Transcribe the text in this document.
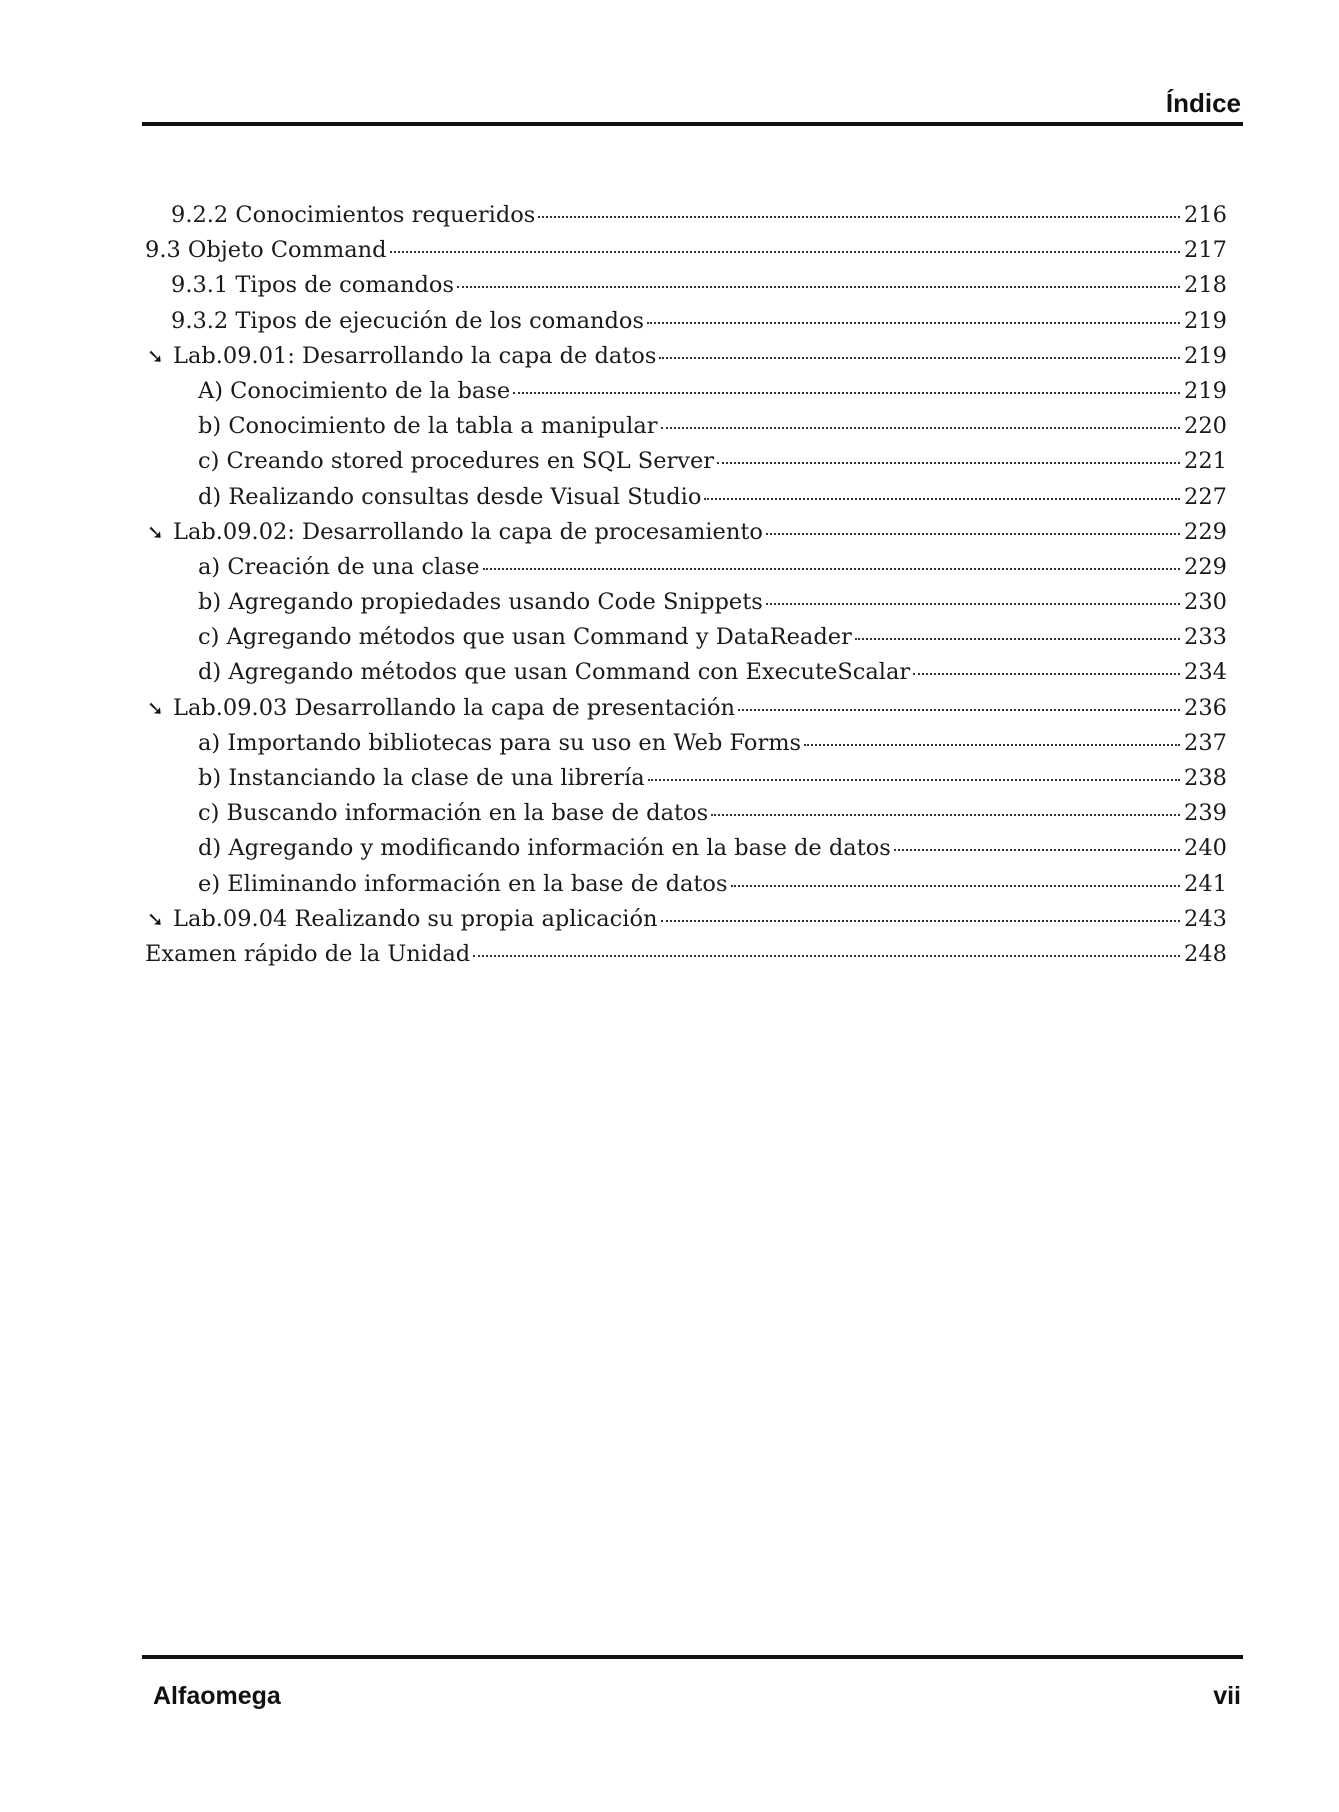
Índice
9.2.2 Conocimientos requeridos	216
9.3 Objeto Command	217
9.3.1 Tipos de comandos	218
9.3.2 Tipos de ejecución de los comandos	219
➘ Lab.09.01: Desarrollando la capa de datos	219
A) Conocimiento de la base	219
b) Conocimiento de la tabla a manipular	220
c) Creando stored procedures en SQL Server	221
d) Realizando consultas desde Visual Studio	227
➘ Lab.09.02: Desarrollando la capa de procesamiento	229
a) Creación de una clase	229
b) Agregando propiedades usando Code Snippets	230
c) Agregando métodos que usan Command y DataReader	233
d) Agregando métodos que usan Command con ExecuteScalar	234
➘ Lab.09.03 Desarrollando la capa de presentación	236
a) Importando bibliotecas para su uso en Web Forms	237
b) Instanciando la clase de una librería	238
c) Buscando información en la base de datos	239
d) Agregando y modificando información en la base de datos	240
e) Eliminando información en la base de datos	241
➘ Lab.09.04 Realizando su propia aplicación	243
Examen rápido de la Unidad	248
Alfaomega	vii
